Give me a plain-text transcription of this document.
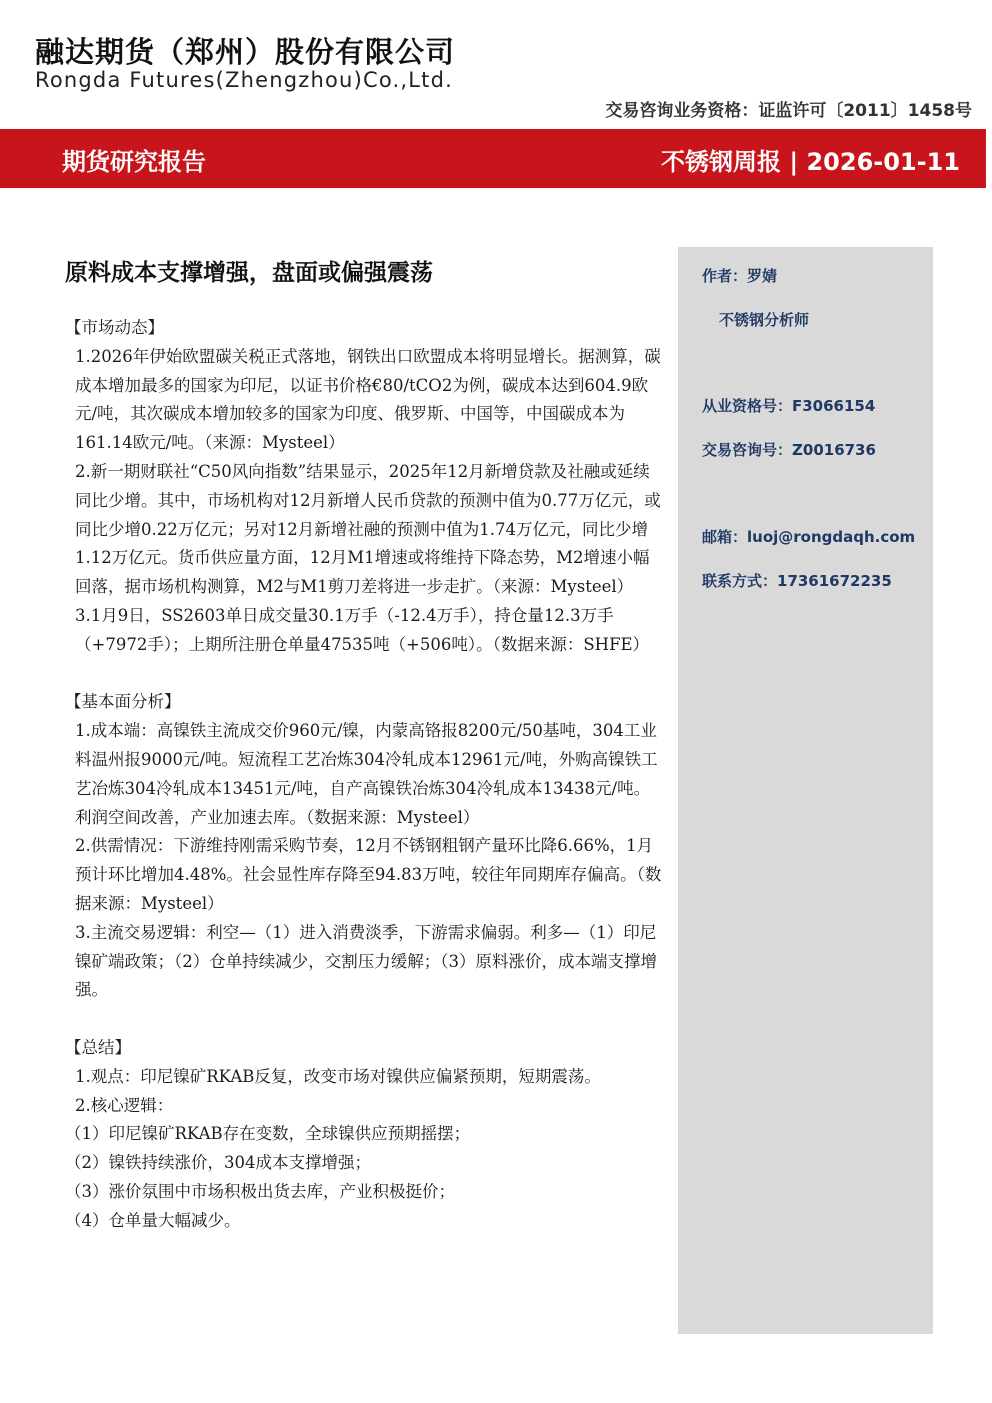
融达期货（郑州）股份有限公司
Rongda Futures(Zhengzhou)Co.,Ltd.
交易咨询业务资格：证监许可〔2011〕1458号
期货研究报告	不锈钢周报 | 2026-01-11
原料成本支撑增强，盘面或偏强震荡	作者：罗婧
不锈钢分析师
从业资格号：F3066154
交易咨询号：Z0016736
邮箱：luoj@rongdaqh.com
联系方式：17361672235

【市场动态】

1.2026年伊始欧盟碳关税正式落地，钢铁出口欧盟成本将明显增长。据测算，碳成本增加最多的国家为印尼，以证书价格€80/tCO2为例，碳成本达到604.9欧元/吨，其次碳成本增加较多的国家为印度、俄罗斯、中国等，中国碳成本为161.14欧元/吨。（来源：Mysteel）

2.新一期财联社“C50风向指数”结果显示，2025年12月新增贷款及社融或延续同比少增。其中，市场机构对12月新增人民币贷款的预测中值为0.77万亿元，或同比少增0.22万亿元；另对12月新增社融的预测中值为1.74万亿元，同比少增1.12万亿元。货币供应量方面，12月M1增速或将维持下降态势，M2增速小幅回落，据市场机构测算，M2与M1剪刀差将进一步走扩。（来源：Mysteel）

3.1月9日，SS2603单日成交量30.1万手（-12.4万手），持仓量12.3万手（+7972手）；上期所注册仓单量47535吨（+506吨）。（数据来源：SHFE）

【基本面分析】

1.成本端：高镍铁主流成交价960元/镍，内蒙高铬报8200元/50基吨，304工业料温州报9000元/吨。短流程工艺冶炼304冷轧成本12961元/吨，外购高镍铁工艺冶炼304冷轧成本13451元/吨，自产高镍铁冶炼304冷轧成本13438元/吨。利润空间改善，产业加速去库。（数据来源：Mysteel）

2.供需情况：下游维持刚需采购节奏，12月不锈钢粗钢产量环比降6.66%，1月预计环比增加4.48%。社会显性库存降至94.83万吨，较往年同期库存偏高。（数据来源：Mysteel）

3.主流交易逻辑：利空—（1）进入消费淡季，下游需求偏弱。利多—（1）印尼镍矿端政策；（2）仓单持续减少，交割压力缓解；（3）原料涨价，成本端支撑增强。

【总结】

1.观点：印尼镍矿RKAB反复，改变市场对镍供应偏紧预期，短期震荡。

2.核心逻辑：

（1）印尼镍矿RKAB存在变数，全球镍供应预期摇摆；

（2）镍铁持续涨价，304成本支撑增强；

（3）涨价氛围中市场积极出货去库，产业积极挺价；

（4）仓单量大幅减少。
